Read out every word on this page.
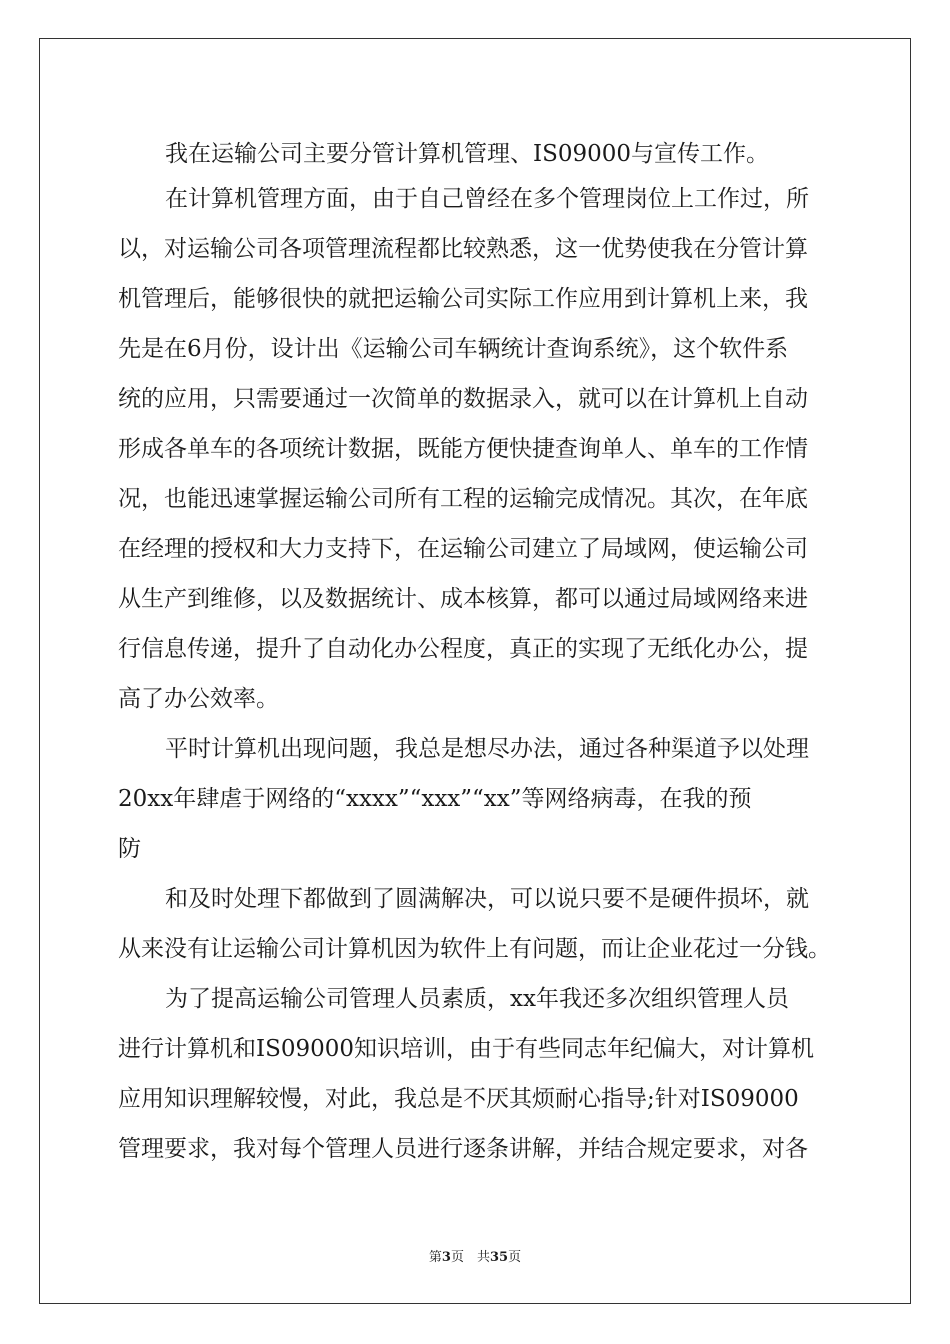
我在运输公司主要分管计算机管理、IS09000与宣传工作。
在计算机管理方面，由于自己曾经在多个管理岗位上工作过，所
以，对运输公司各项管理流程都比较熟悉，这一优势使我在分管计算
机管理后，能够很快的就把运输公司实际工作应用到计算机上来，我
先是在6月份，设计出《运输公司车辆统计查询系统》，这个软件系
统的应用，只需要通过一次简单的数据录入，就可以在计算机上自动
形成各单车的各项统计数据，既能方便快捷查询单人、单车的工作情
况，也能迅速掌握运输公司所有工程的运输完成情况。其次，在年底
在经理的授权和大力支持下，在运输公司建立了局域网，使运输公司
从生产到维修，以及数据统计、成本核算，都可以通过局域网络来进
行信息传递，提升了自动化办公程度，真正的实现了无纸化办公，提
高了办公效率。
平时计算机出现问题，我总是想尽办法，通过各种渠道予以处理
20xx年肆虐于网络的“xxxx”“xxx”“xx”等网络病毒，在我的预
防
和及时处理下都做到了圆满解决，可以说只要不是硬件损坏，就
从来没有让运输公司计算机因为软件上有问题，而让企业花过一分钱。
为了提高运输公司管理人员素质，xx年我还多次组织管理人员
进行计算机和IS09000知识培训，由于有些同志年纪偏大，对计算机
应用知识理解较慢，对此，我总是不厌其烦耐心指导;针对IS09000
管理要求，我对每个管理人员进行逐条讲解，并结合规定要求，对各
第3页　共35页
